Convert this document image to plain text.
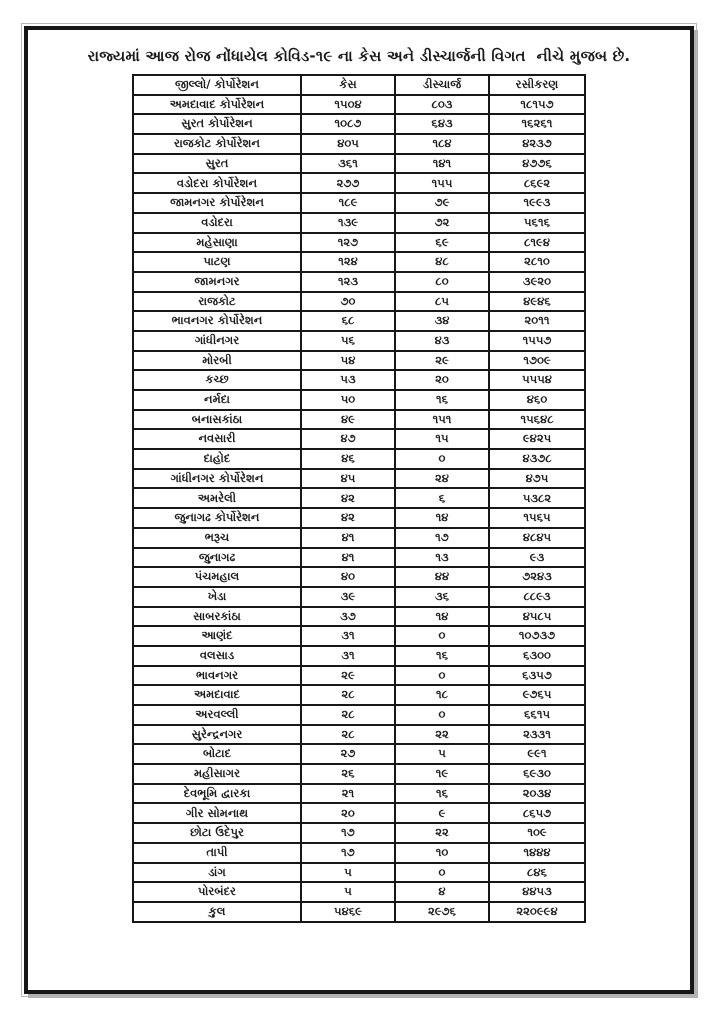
રાજ્યમાં આજ રોજ નોંધાયેલ કોવિડ-૧૯ ના કેસ અને ડીસ્ચાર્જની વિગત  નીચે મુજબ છે.

જીલ્લો/ કોર્પોરેશન	કેસ	ડીસ્ચાર્જ	રસીકરણ
અમદાવાદ કોર્પોરેશન	૧૫૦૪	૮૦૩	૧૮૧૫૭
સુરત કોર્પોરેશન	૧૦૮૭	૬૪૩	૧૬૨૬૧
રાજકોટ કોર્પોરેશન	૪૦૫	૧૮૪	૪૨૩૭
સુરત	૩૬૧	૧૪૧	૪૭૭૬
વડોદરા કોર્પોરેશન	૨૭૭	૧૫૫	૮૬૯૨
જામનગર કોર્પોરેશન	૧૮૯	૭૯	૧૯૯૩
વડોદરા	૧૩૯	૭૨	૫૬૧૬
મહેસાણા	૧૨૭	૬૯	૮૧૯૪
પાટણ	૧૨૪	૪૮	૨૮૧૦
જામનગર	૧૨૩	૮૦	૩૯૨૦
રાજકોટ	૭૦	૮૫	૪૯૪૬
ભાવનગર કોર્પોરેશન	૬૮	૩૪	૨૦૧૧
ગાંધીનગર	૫૬	૪૩	૧૫૫૭
મોરબી	૫૪	૨૯	૧૭૦૯
કચ્છ	૫૩	૨૦	૫૫૫૪
નર્મદા	૫૦	૧૬	૪૬૦
બનાસકાંઠા	૪૯	૧૫૧	૧૫૬૪૮
નવસારી	૪૭	૧૫	૯૪૨૫
દાહોદ	૪૬	૦	૪૩૭૮
ગાંધીનગર કોર્પોરેશન	૪૫	૨૪	૪૭૫
અમરેલી	૪૨	૬	૫૩૮૨
જુનાગઢ કોર્પોરેશન	૪૨	૧૪	૧૫૬૫
ભરૂચ	૪૧	૧૭	૪૮૪૫
જુનાગઢ	૪૧	૧૩	૯૩
પંચમહાલ	૪૦	૪૪	૭૨૪૩
ખેડા	૩૯	૩૬	૮૮૯૩
સાબરકાંઠા	૩૭	૧૪	૪૫૮૫
આણંદ	૩૧	૦	૧૦૭૩૭
વલસાડ	૩૧	૧૬	૬૩૦૦
ભાવનગર	૨૯	૦	૬૩૫૭
અમદાવાદ	૨૮	૧૮	૯૭૬૫
અરવલ્લી	૨૮	૦	૬૬૧૫
સુરેન્દ્રનગર	૨૮	૨૨	૨૩૩૧
બોટાદ	૨૭	૫	૯૯૧
મહીસાગર	૨૬	૧૯	૬૯૩૦
દેવભૂમિ દ્વારકા	૨૧	૧૬	૨૦૩૪
ગીર સોમનાથ	૨૦	૯	૮૬૫૭
છોટા ઉદેપુર	૧૭	૨૨	૧૦૯
તાપી	૧૭	૧૦	૧૪૪૪
ડાંગ	૫	૦	૮૪૬
પોરબંદર	૫	૪	૪૪૫૩
કુલ	૫૪૬૯	૨૯૭૬	૨૨૦૯૯૪
